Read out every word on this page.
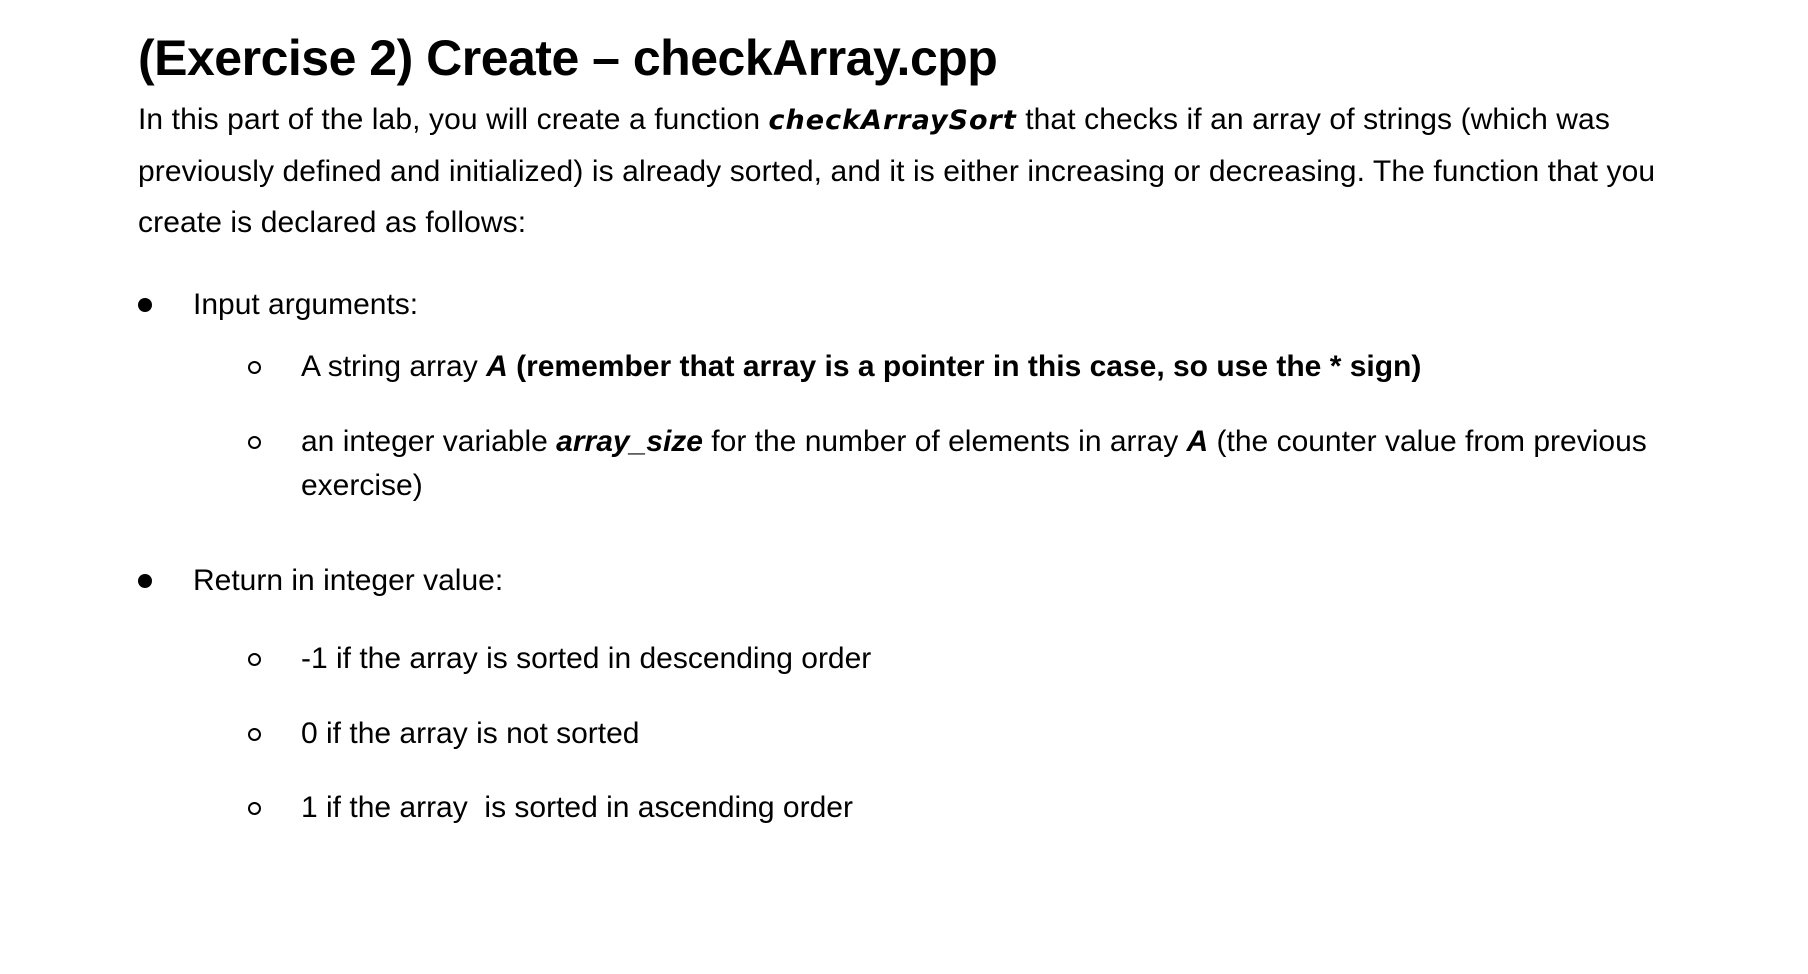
(Exercise 2) Create – checkArray.cpp
In this part of the lab, you will create a function checkArraySort that checks if an array of strings (which was previously defined and initialized) is already sorted, and it is either increasing or decreasing. The function that you create is declared as follows:
Input arguments:
A string array A (remember that array is a pointer in this case, so use the * sign)
an integer variable array_size for the number of elements in array A (the counter value from previous exercise)
Return in integer value:
-1 if the array is sorted in descending order
0 if the array is not sorted
1 if the array  is sorted in ascending order
